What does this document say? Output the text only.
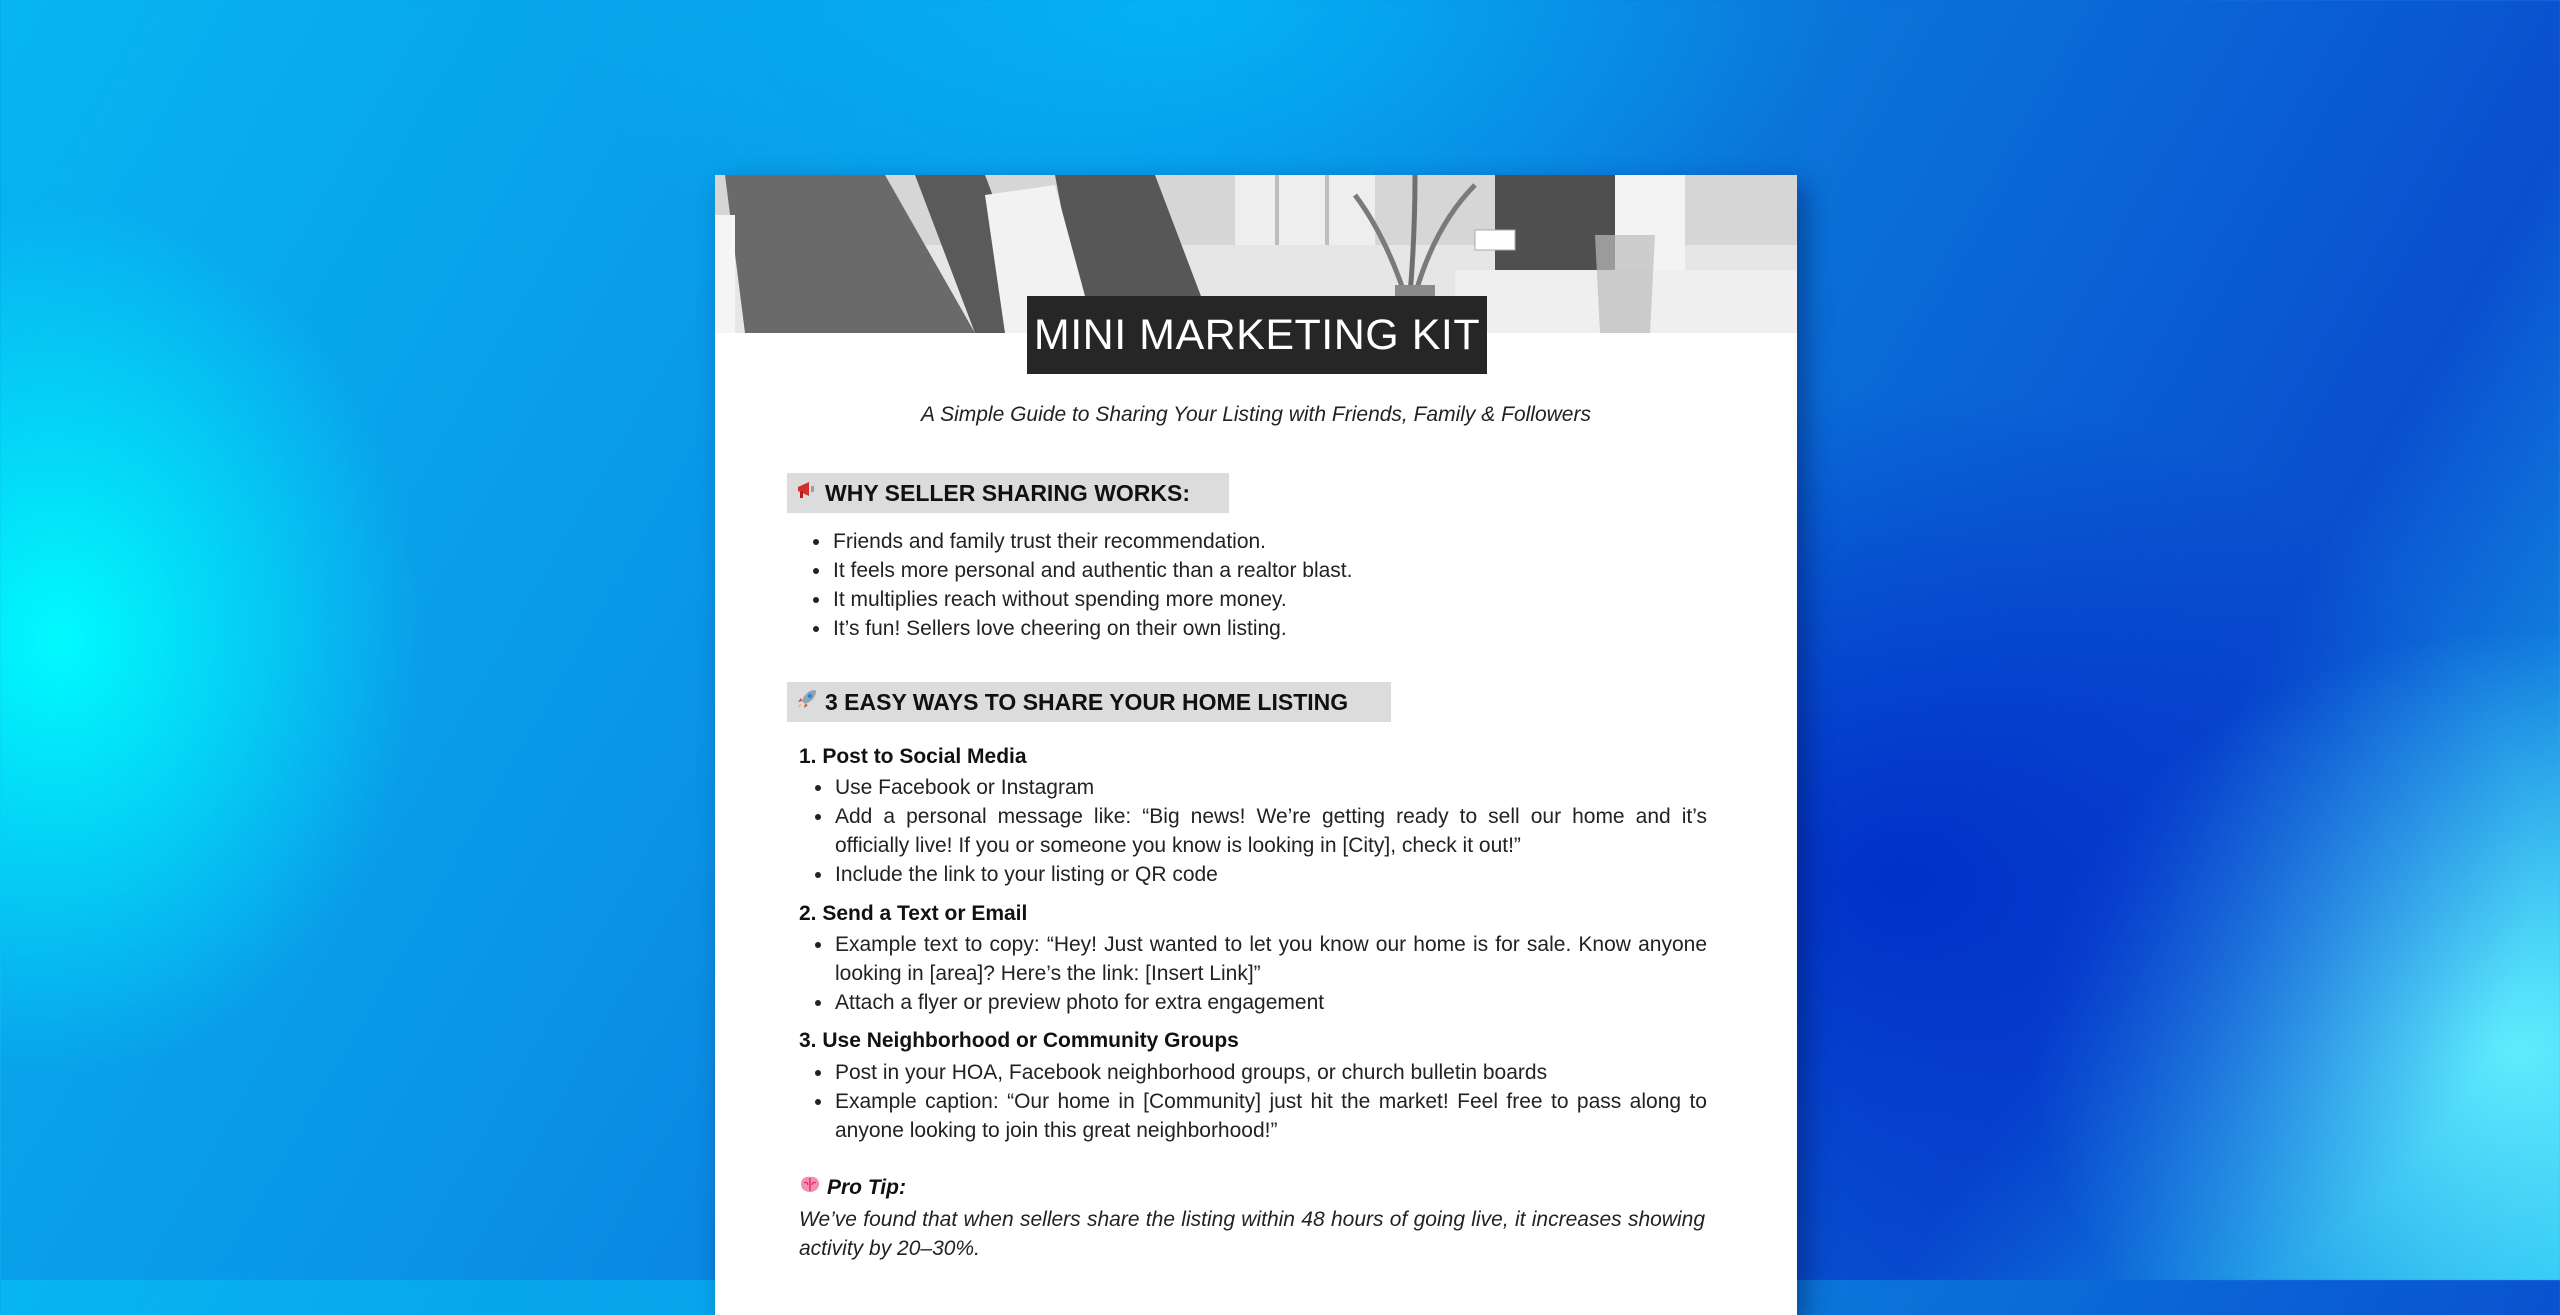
MINI MARKETING KIT
A Simple Guide to Sharing Your Listing with Friends, Family & Followers
WHY SELLER SHARING WORKS:
Friends and family trust their recommendation.
It feels more personal and authentic than a realtor blast.
It multiplies reach without spending more money.
It’s fun! Sellers love cheering on their own listing.
3 EASY WAYS TO SHARE YOUR HOME LISTING
1. Post to Social Media
Use Facebook or Instagram
Add a personal message like: “Big news! We’re getting ready to sell our home and it’s officially live! If you or someone you know is looking in [City], check it out!”
Include the link to your listing or QR code
2. Send a Text or Email
Example text to copy: “Hey! Just wanted to let you know our home is for sale. Know anyone looking in [area]? Here’s the link: [Insert Link]”
Attach a flyer or preview photo for extra engagement
3. Use Neighborhood or Community Groups
Post in your HOA, Facebook neighborhood groups, or church bulletin boards
Example caption: “Our home in [Community] just hit the market! Feel free to pass along to anyone looking to join this great neighborhood!”
Pro Tip:
We’ve found that when sellers share the listing within 48 hours of going live, it increases showing activity by 20–30%.
